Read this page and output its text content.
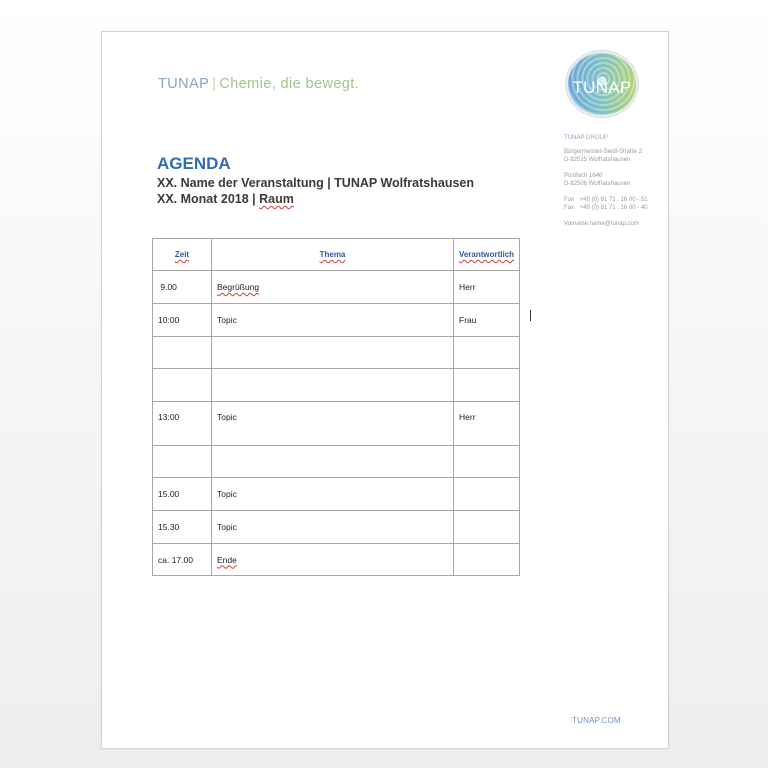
TUNAP | Chemie, die bewegt.	TUNAP
TUNAP GROUP
Bürgermeister-Seidl-Straße 2
D-82515 Wolfratshausen
Postfach 1640
D-82506 Wolfratshausen
Fon +49 (0) 81 71 . 16 00 - 51
Fax +49 (0) 81 71 . 16 00 - 40
Vorname.name@tunap.com
AGENDA
XX. Name der Veranstaltung | TUNAP Wolfratshausen
XX. Monat 2018 | Raum
Zeit	Thema	Verantwortlich
9.00	Begrüßung	Herr
10:00	Topic	Frau

13:00	Topic	Herr

15.00	Topic	
15.30	Topic	
ca. 17.00	Ende	
TUNAP.COM
